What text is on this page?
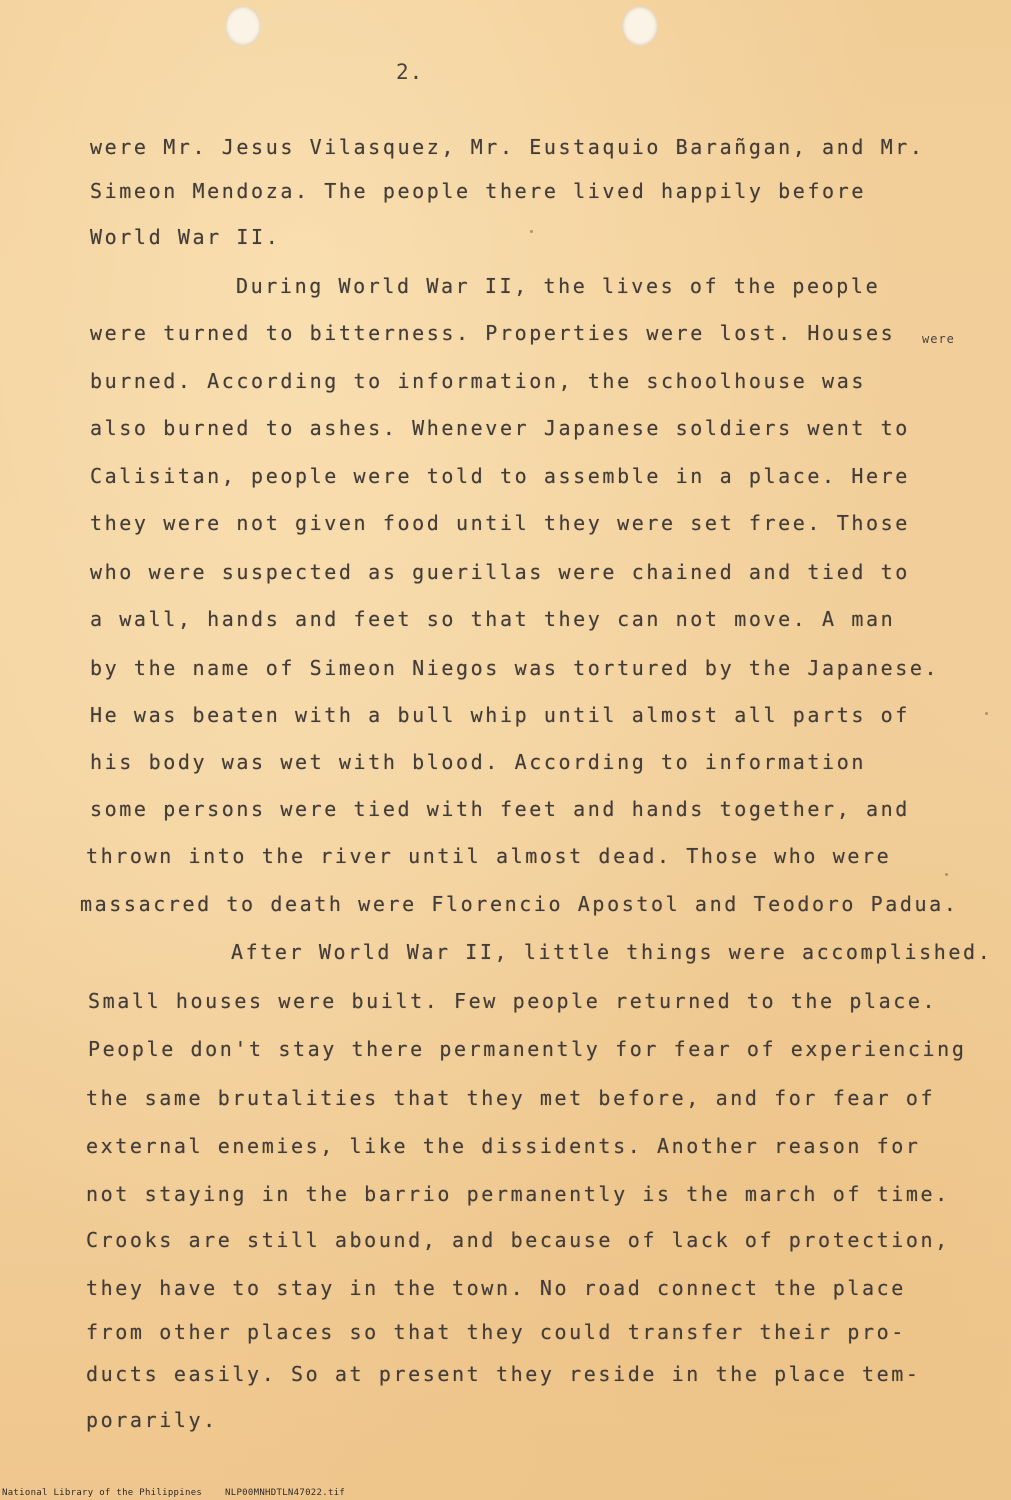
2.
were Mr. Jesus Vilasquez, Mr. Eustaquio Barañgan, and Mr.
Simeon Mendoza. The people there lived happily before
World War II.
During World War II, the lives of the people
were turned to bitterness. Properties were lost. Houses
burned. According to information, the schoolhouse was
also burned to ashes. Whenever Japanese soldiers went to
Calisitan, people were told to assemble in a place. Here
they were not given food until they were set free. Those
who were suspected as guerillas were chained and tied to
a wall, hands and feet so that they can not move. A man
by the name of Simeon Niegos was tortured by the Japanese.
He was beaten with a bull whip until almost all parts of
his body was wet with blood. According to information
some persons were tied with feet and hands together, and
thrown into the river until almost dead. Those who were
massacred to death were Florencio Apostol and Teodoro Padua.
After World War II, little things were accomplished.
Small houses were built. Few people returned to the place.
People don't stay there permanently for fear of experiencing
the same brutalities that they met before, and for fear of
external enemies, like the dissidents. Another reason for
not staying in the barrio permanently is the march of time.
Crooks are still abound, and because of lack of protection,
they have to stay in the town. No road connect the place
from other places so that they could transfer their pro-
ducts easily. So at present they reside in the place tem-
porarily.
were
National Library of the Philippines    NLP00MNHDTLN47022.tif
